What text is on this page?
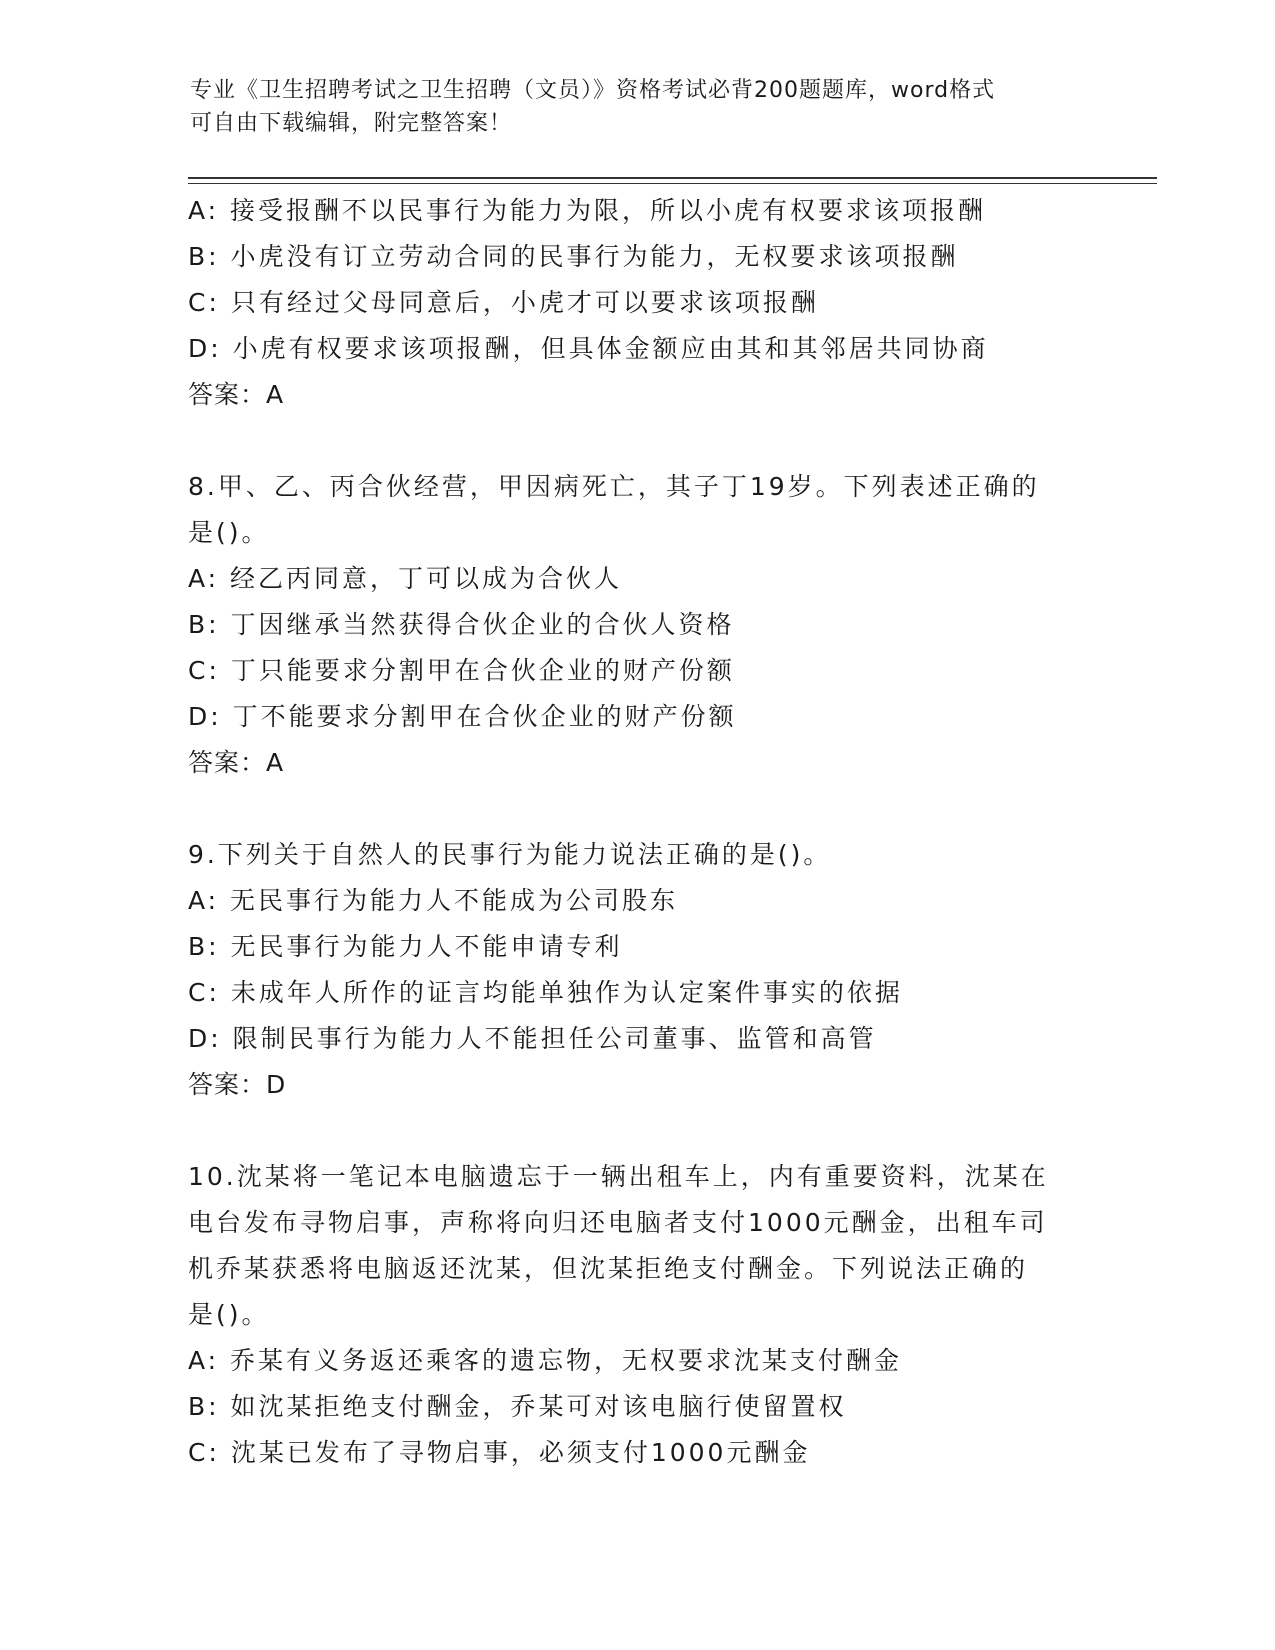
专业《卫生招聘考试之卫生招聘（文员）》资格考试必背200题题库，word格式
可自由下载编辑，附完整答案！
A: 接受报酬不以民事行为能力为限，所以小虎有权要求该项报酬
B: 小虎没有订立劳动合同的民事行为能力，无权要求该项报酬
C: 只有经过父母同意后，小虎才可以要求该项报酬
D: 小虎有权要求该项报酬，但具体金额应由其和其邻居共同协商
答案：A
8.甲、乙、丙合伙经营，甲因病死亡，其子丁19岁。下列表述正确的
是()。
A: 经乙丙同意，丁可以成为合伙人
B: 丁因继承当然获得合伙企业的合伙人资格
C: 丁只能要求分割甲在合伙企业的财产份额
D: 丁不能要求分割甲在合伙企业的财产份额
答案：A
9.下列关于自然人的民事行为能力说法正确的是()。
A: 无民事行为能力人不能成为公司股东
B: 无民事行为能力人不能申请专利
C: 未成年人所作的证言均能单独作为认定案件事实的依据
D: 限制民事行为能力人不能担任公司董事、监管和高管
答案：D
10.沈某将一笔记本电脑遗忘于一辆出租车上，内有重要资料，沈某在
电台发布寻物启事，声称将向归还电脑者支付1000元酬金，出租车司
机乔某获悉将电脑返还沈某，但沈某拒绝支付酬金。下列说法正确的
是()。
A: 乔某有义务返还乘客的遗忘物，无权要求沈某支付酬金
B: 如沈某拒绝支付酬金，乔某可对该电脑行使留置权
C: 沈某已发布了寻物启事，必须支付1000元酬金
